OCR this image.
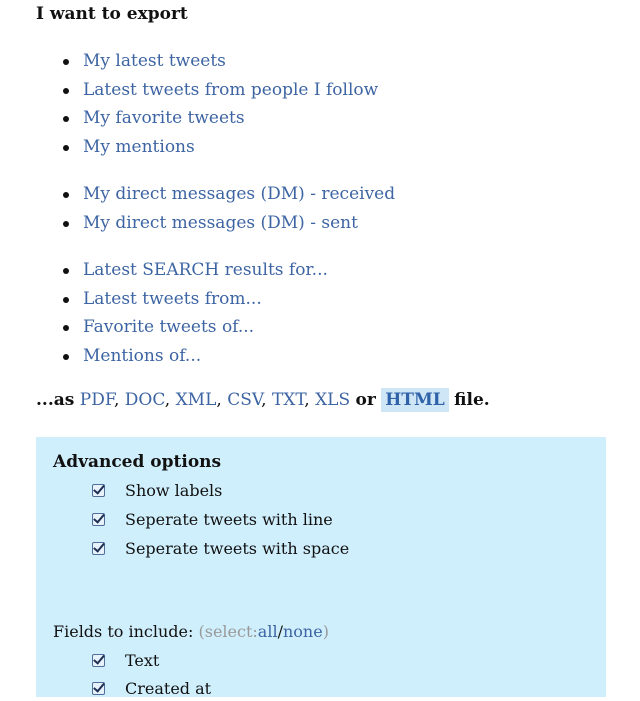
I want to export
My latest tweets
Latest tweets from people I follow
My favorite tweets
My mentions
My direct messages (DM) - received
My direct messages (DM) - sent
Latest SEARCH results for...
Latest tweets from...
Favorite tweets of...
Mentions of...
...as PDF, DOC, XML, CSV, TXT, XLS or HTML file.
Advanced options
Show labels
Seperate tweets with line
Seperate tweets with space
Fields to include: (select:all/none)
Text
Created at
